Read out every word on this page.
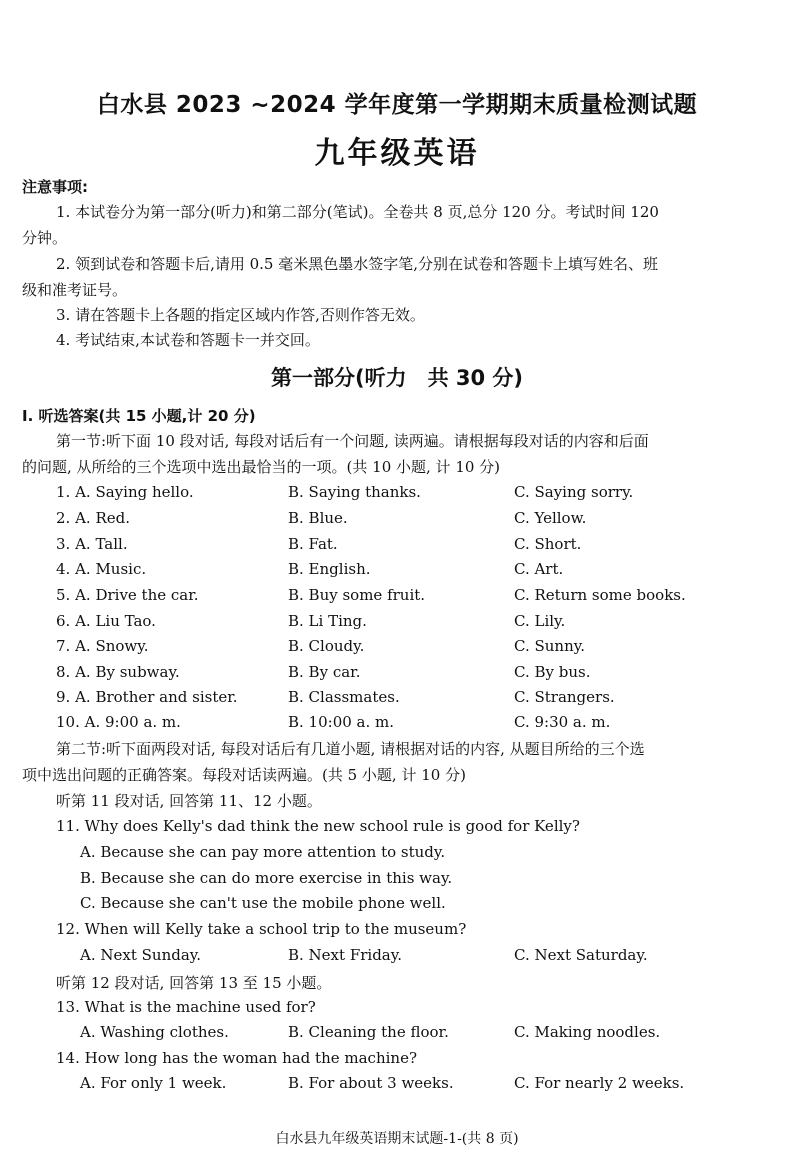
白水县 2023 ~2024 学年度第一学期期末质量检测试题
九年级英语
注意事项:
1. 本试卷分为第一部分(听力)和第二部分(笔试)。全卷共 8 页,总分 120 分。考试时间 120
分钟。
2. 领到试卷和答题卡后,请用 0.5 毫米黑色墨水签字笔,分别在试卷和答题卡上填写姓名、班
级和准考证号。
3. 请在答题卡上各题的指定区域内作答,否则作答无效。
4. 考试结束,本试卷和答题卡一并交回。
第一部分(听力　共 30 分)
Ⅰ. 听选答案(共 15 小题,计 20 分)
第一节:听下面 10 段对话, 每段对话后有一个问题, 读两遍。请根据每段对话的内容和后面
的问题, 从所给的三个选项中选出最恰当的一项。(共 10 小题, 计 10 分)
1. A. Saying hello.	B. Saying thanks.	C. Saying sorry.
2. A. Red.	B. Blue.	C. Yellow.
3. A. Tall.	B. Fat.	C. Short.
4. A. Music.	B. English.	C. Art.
5. A. Drive the car.	B. Buy some fruit.	C. Return some books.
6. A. Liu Tao.	B. Li Ting.	C. Lily.
7. A. Snowy.	B. Cloudy.	C. Sunny.
8. A. By subway.	B. By car.	C. By bus.
9. A. Brother and sister.	B. Classmates.	C. Strangers.
10. A. 9:00 a. m.	B. 10:00 a. m.	C. 9:30 a. m.
第二节:听下面两段对话, 每段对话后有几道小题, 请根据对话的内容, 从题目所给的三个选
项中选出问题的正确答案。每段对话读两遍。(共 5 小题, 计 10 分)
听第 11 段对话, 回答第 11、12 小题。
11. Why does Kelly's dad think the new school rule is good for Kelly?
A. Because she can pay more attention to study.
B. Because she can do more exercise in this way.
C. Because she can't use the mobile phone well.
12. When will Kelly take a school trip to the museum?
A. Next Sunday.	B. Next Friday.	C. Next Saturday.
听第 12 段对话, 回答第 13 至 15 小题。
13. What is the machine used for?
A. Washing clothes.	B. Cleaning the floor.	C. Making noodles.
14. How long has the woman had the machine?
A. For only 1 week.	B. For about 3 weeks.	C. For nearly 2 weeks.
白水县九年级英语期末试题-1-(共 8 页)
